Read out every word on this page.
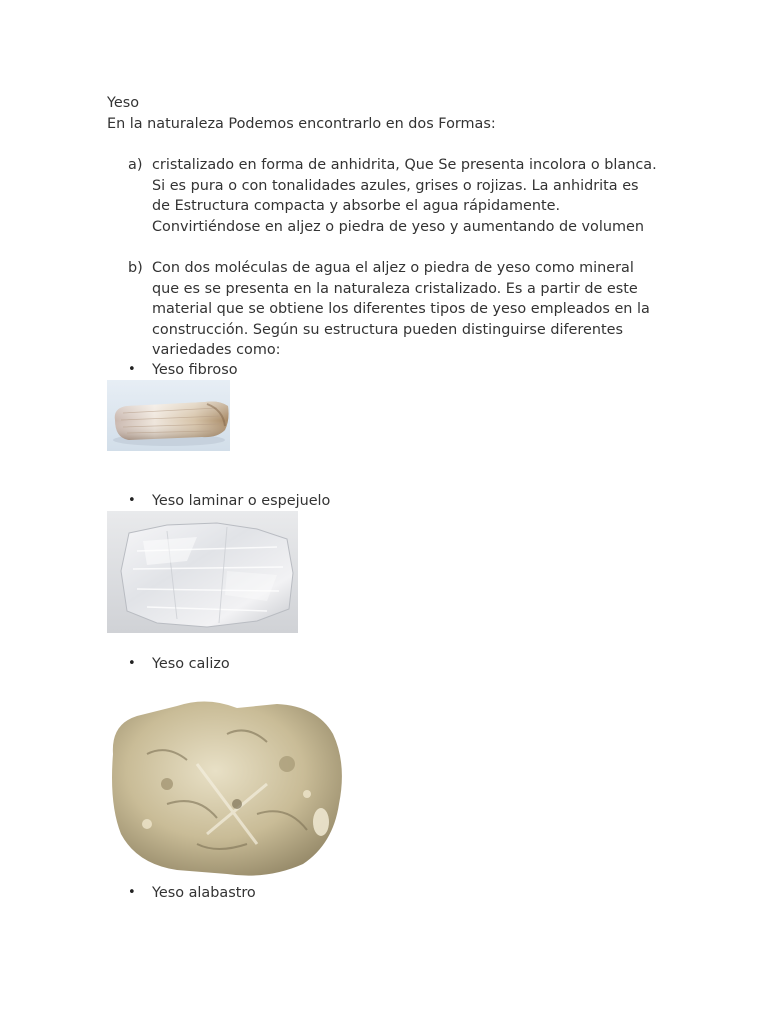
Yeso
En la naturaleza Podemos encontrarlo en dos Formas:
a) cristalizado en forma de anhidrita, Que Se presenta incolora o blanca.
Si es pura o con tonalidades azules, grises o rojizas. La anhidrita es
de Estructura compacta y absorbe el agua rápidamente.
Convirtiéndose en aljez o piedra de yeso y aumentando de volumen
b) Con dos moléculas de agua el aljez o piedra de yeso como mineral
que es se presenta en la naturaleza cristalizado. Es a partir de este
material que se obtiene los diferentes tipos de yeso empleados en la
construcción. Según su estructura pueden distinguirse diferentes
variedades como:
• Yeso fibroso
• Yeso laminar o espejuelo
• Yeso calizo
• Yeso alabastro
